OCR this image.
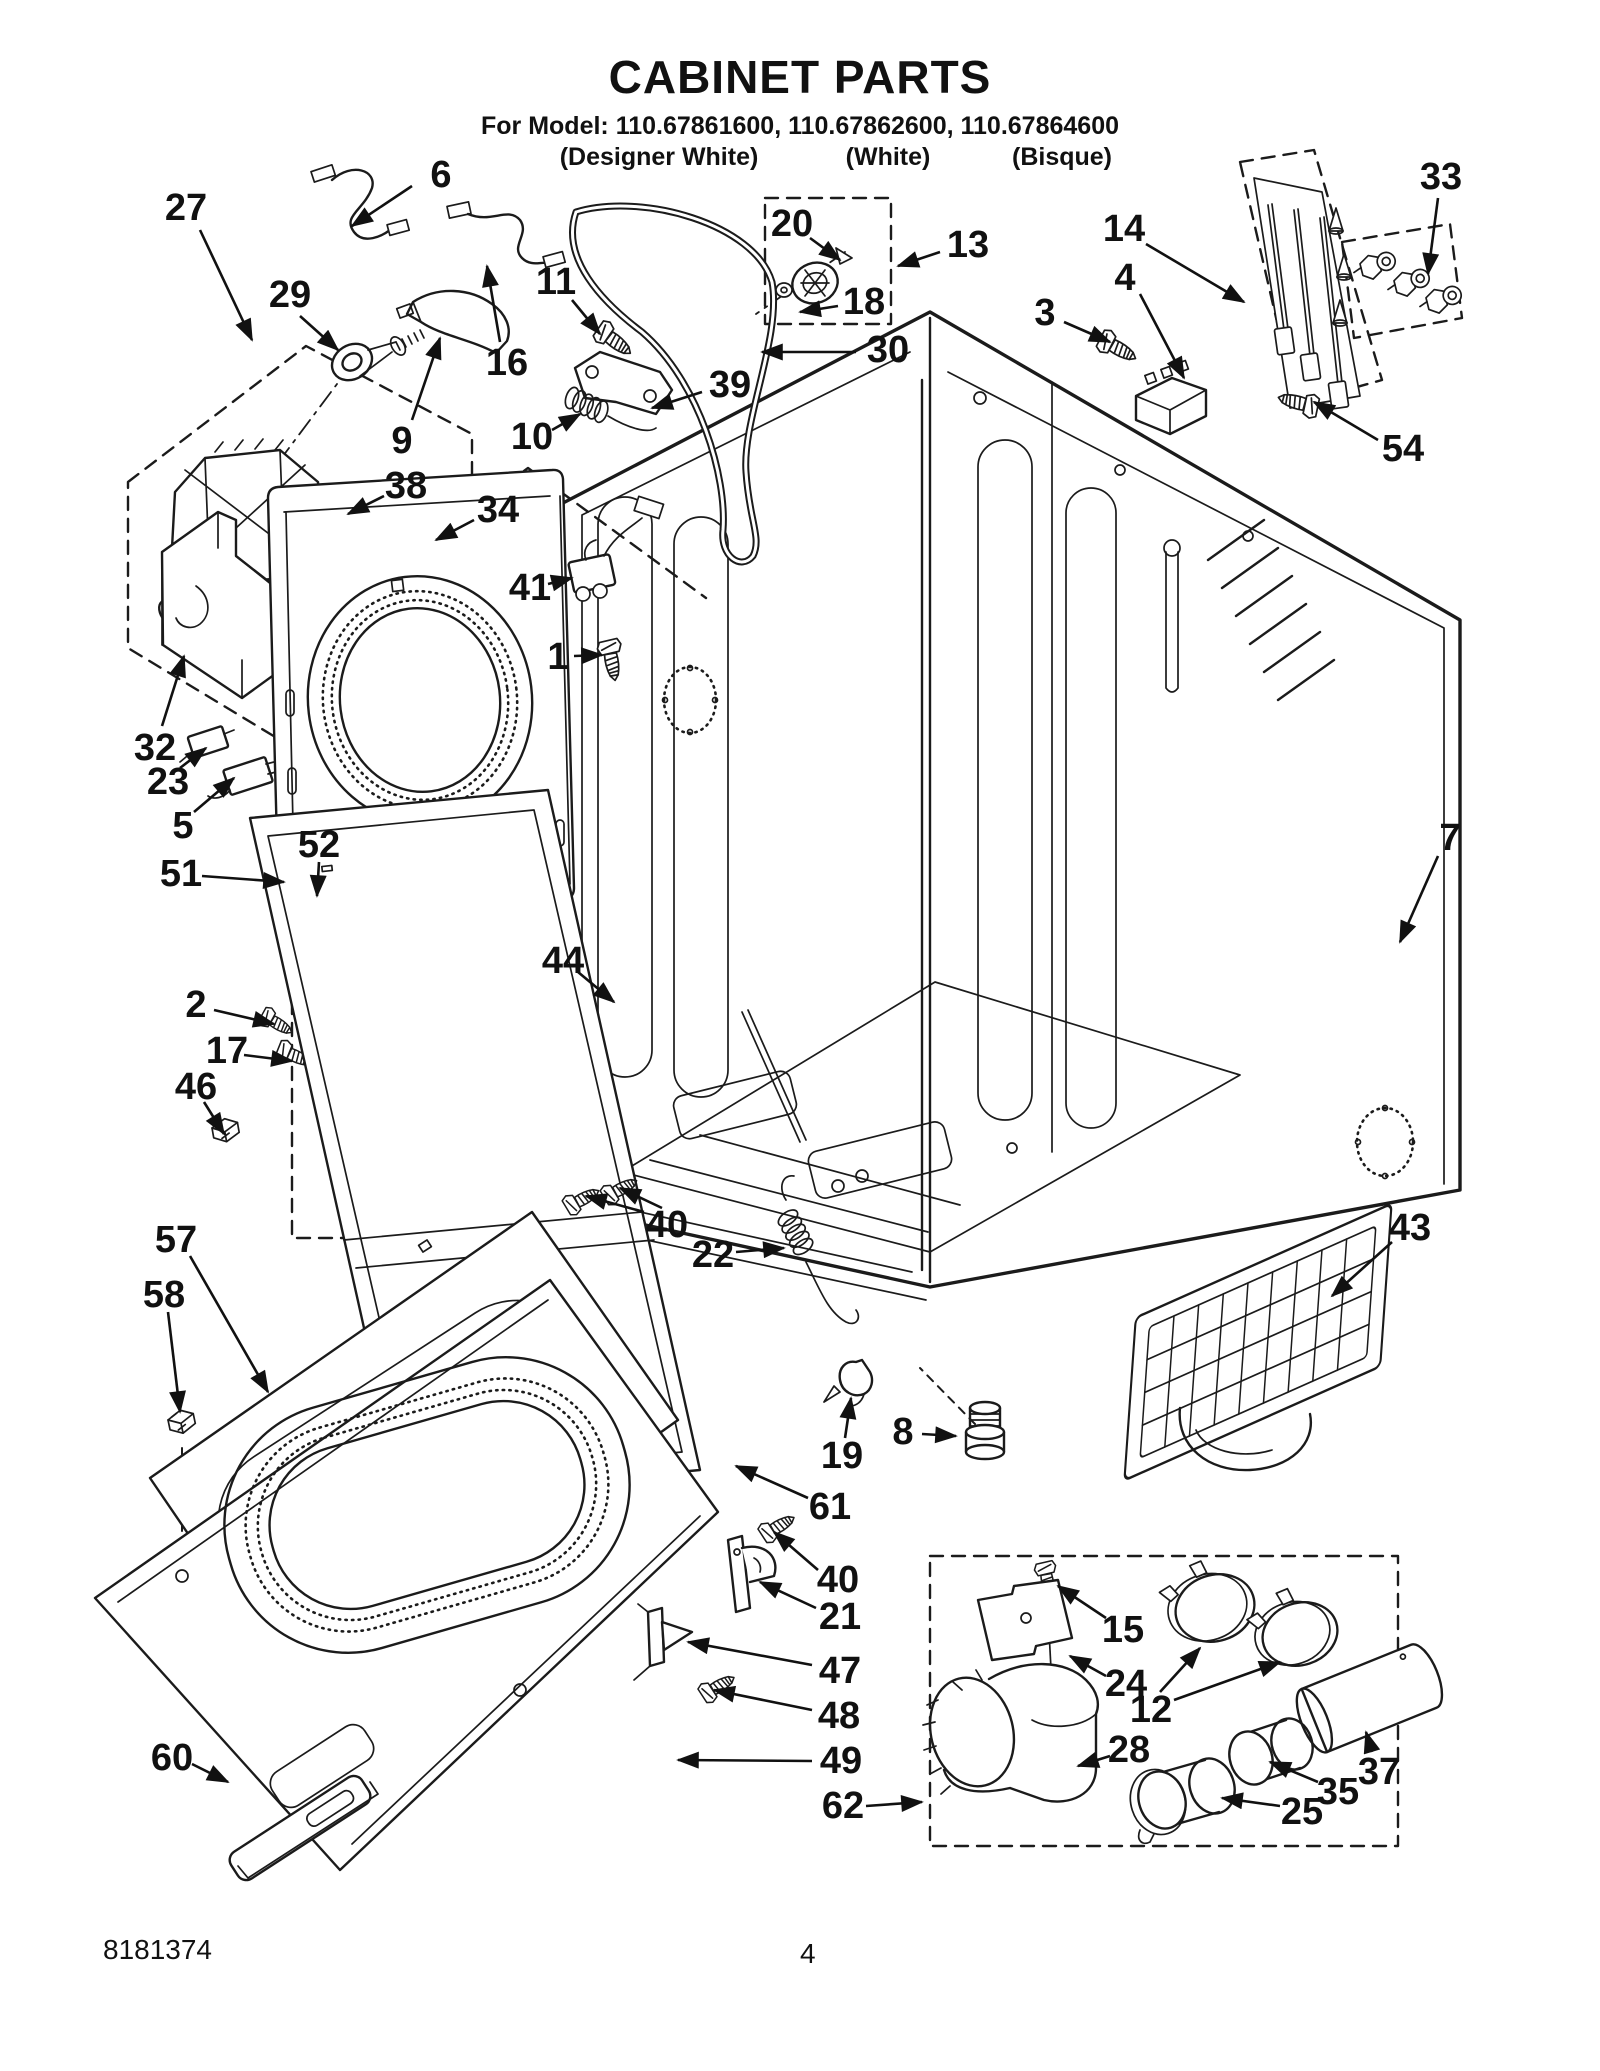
CABINET PARTS
For Model: 110.67861600, 110.67862600, 110.67864600
(Designer White)	(White)	(Bisque)
27
6
20	13
18
14
4
3
33
54
29	11
16	30
39
10
9
38
34
41
1
32
23
5
51
52	7
44
2
17
46
57
58
60
40
22
19
8
61
43
40
21
47
48
49
62
15
24
12
28
25
35
37
8181374	4
